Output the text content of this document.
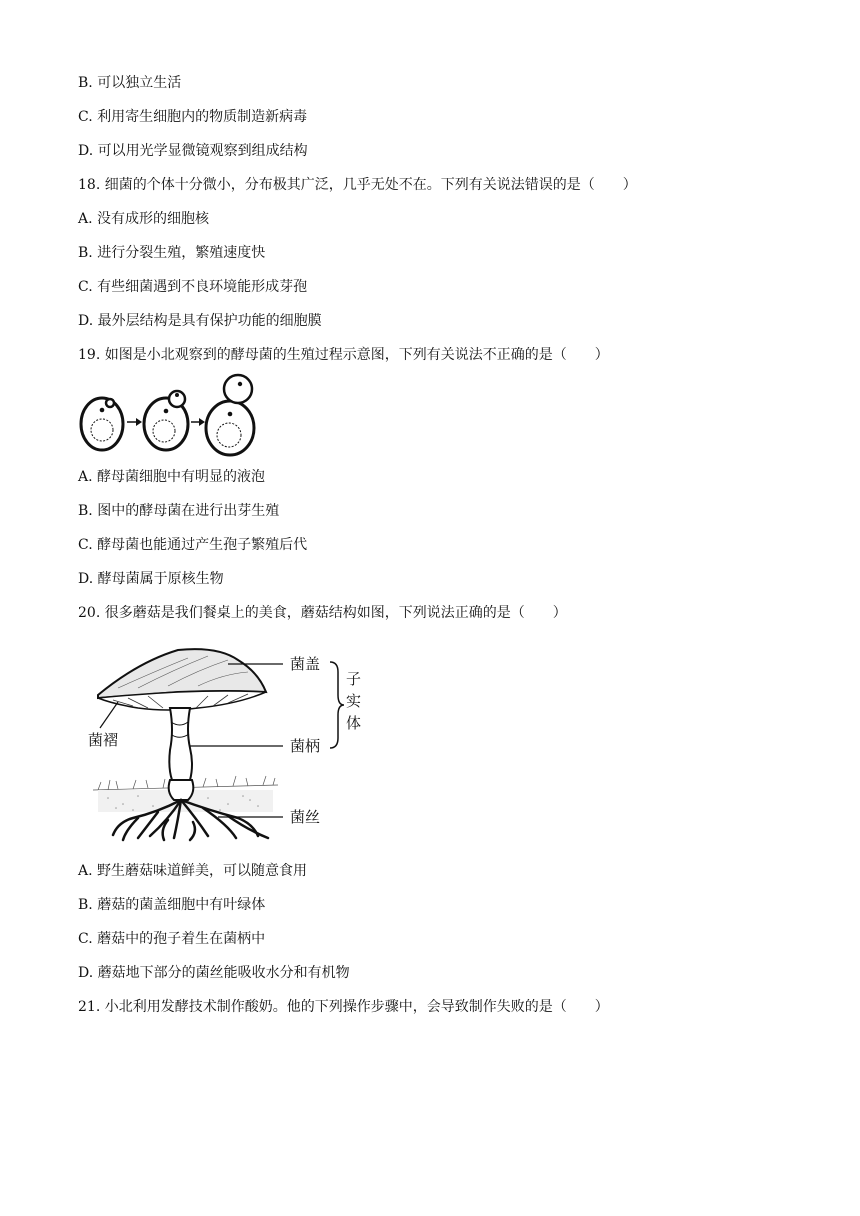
B. 可以独立生活
C. 利用寄生细胞内的物质制造新病毒
D. 可以用光学显微镜观察到组成结构
18. 细菌的个体十分微小，分布极其广泛，几乎无处不在。下列有关说法错误的是（　　）
A. 没有成形的细胞核
B. 进行分裂生殖，繁殖速度快
C. 有些细菌遇到不良环境能形成芽孢
D. 最外层结构是具有保护功能的细胞膜
19. 如图是小北观察到的酵母菌的生殖过程示意图，下列有关说法不正确的是（　　）
A. 酵母菌细胞中有明显的液泡
B. 图中的酵母菌在进行出芽生殖
C. 酵母菌也能通过产生孢子繁殖后代
D. 酵母菌属于原核生物
20. 很多蘑菇是我们餐桌上的美食，蘑菇结构如图，下列说法正确的是（　　）
菌盖
菌柄
菌褶
菌丝
子
实
体
A. 野生蘑菇味道鲜美，可以随意食用
B. 蘑菇的菌盖细胞中有叶绿体
C. 蘑菇中的孢子着生在菌柄中
D. 蘑菇地下部分的菌丝能吸收水分和有机物
21. 小北利用发酵技术制作酸奶。他的下列操作步骤中，会导致制作失败的是（　　）
